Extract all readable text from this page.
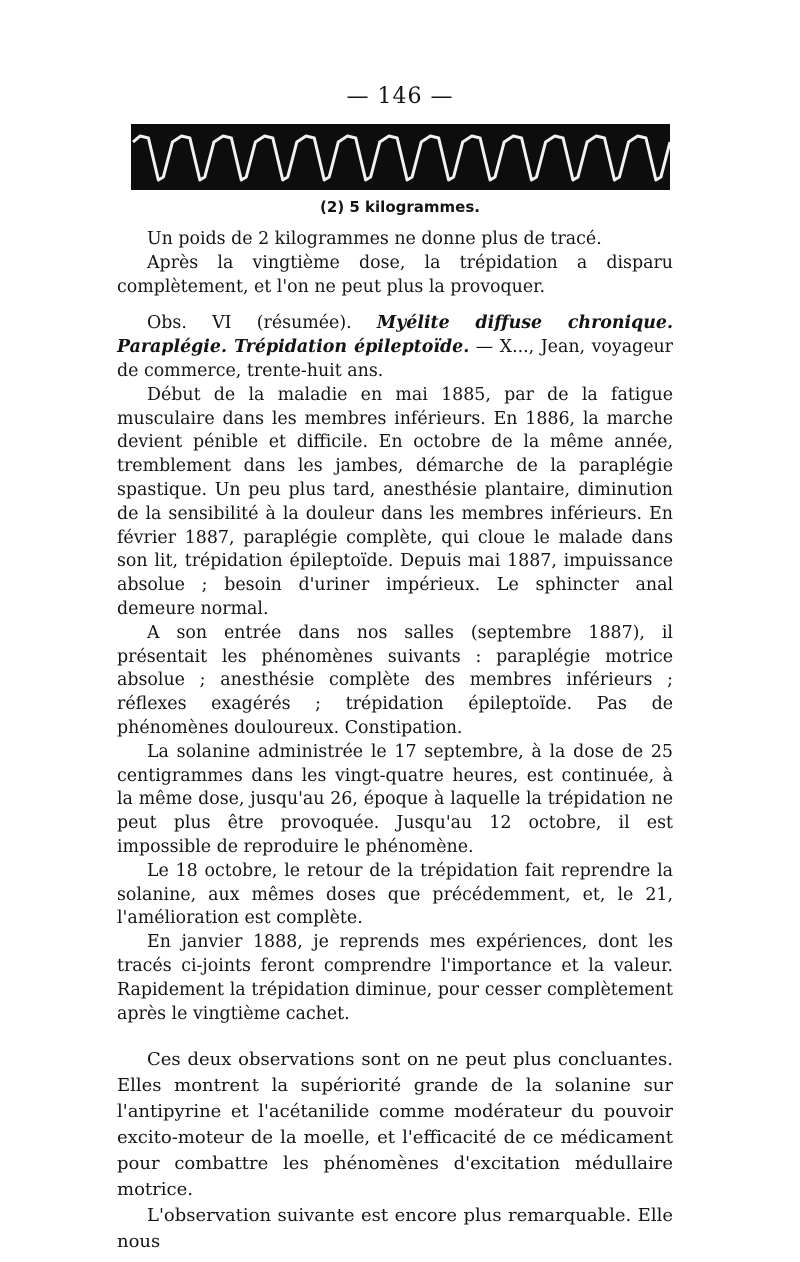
— 146 —
(2) 5 kilogrammes.

Un poids de 2 kilogrammes ne donne plus de tracé.

Après la vingtième dose, la trépidation a disparu complètement, et l'on ne peut plus la provoquer.

Obs. VI (résumée). Myélite diffuse chronique. Paraplégie. Trépidation épileptoïde. — X..., Jean, voyageur de commerce, trente-huit ans.

Début de la maladie en mai 1885, par de la fatigue musculaire dans les membres inférieurs. En 1886, la marche devient pénible et difficile. En octobre de la même année, tremblement dans les jambes, démarche de la paraplégie spastique. Un peu plus tard, anesthésie plantaire, diminution de la sensibilité à la douleur dans les membres inférieurs. En février 1887, paraplégie complète, qui cloue le malade dans son lit, trépidation épileptoïde. Depuis mai 1887, impuissance absolue ; besoin d'uriner impérieux. Le sphincter anal demeure normal.

A son entrée dans nos salles (septembre 1887), il présentait les phénomènes suivants : paraplégie motrice absolue ; anesthésie complète des membres inférieurs ; réflexes exagérés ; trépidation épileptoïde. Pas de phénomènes douloureux. Constipation.

La solanine administrée le 17 septembre, à la dose de 25 centigrammes dans les vingt-quatre heures, est continuée, à la même dose, jusqu'au 26, époque à laquelle la trépidation ne peut plus être provoquée. Jusqu'au 12 octobre, il est impossible de reproduire le phénomène.

Le 18 octobre, le retour de la trépidation fait reprendre la solanine, aux mêmes doses que précédemment, et, le 21, l'amélioration est complète.

En janvier 1888, je reprends mes expériences, dont les tracés ci-joints feront comprendre l'importance et la valeur. Rapidement la trépidation diminue, pour cesser complètement après le vingtième cachet.

Ces deux observations sont on ne peut plus concluantes. Elles montrent la supériorité grande de la solanine sur l'antipyrine et l'acétanilide comme modérateur du pouvoir excito-moteur de la moelle, et l'efficacité de ce médicament pour combattre les phénomènes d'excitation médullaire motrice.

L'observation suivante est encore plus remarquable. Elle nous
